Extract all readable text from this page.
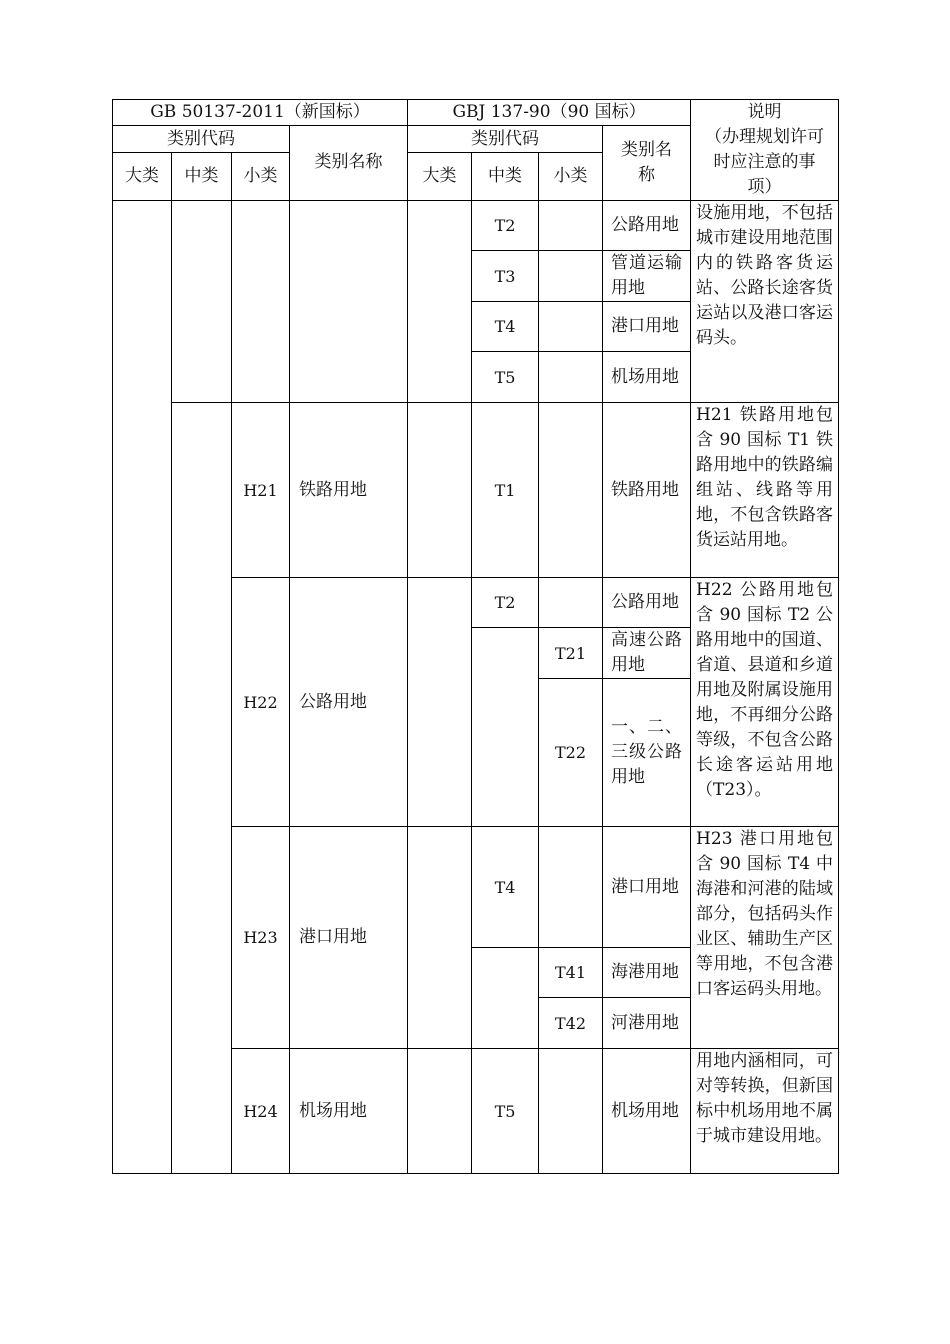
GB 50137-2011（新国标）				GBJ 137-90（90 国标）				说明
（办理规划许可时应注意的事项）

类别代码			类别名称	类别代码			类别名称	
大类	中类	小类		大类	中类	小类		
					T2		公路用地	设施用地，不包括城市建设用地范围内的铁路客货运站、公路长途客货运站以及港口客运码头。
					T3		管道运输用地	
					T4		港口用地	
					T5		机场用地	
		H21	铁路用地		T1		铁路用地	H21 铁路用地包含 90 国标 T1 铁路用地中的铁路编组站、线路等用地，不包含铁路客货运站用地。
		H22	公路用地		T2		公路用地	H22 公路用地包含 90 国标 T2 公路用地中的国道、省道、县道和乡道用地及附属设施用地，不再细分公路等级，不包含公路长途客运站用地（T23）。
						T21	高速公路用地	
						T22	一、二、三级公路用地	
		H23	港口用地		T4		港口用地	H23 港口用地包含 90 国标 T4 中海港和河港的陆域部分，包括码头作业区、辅助生产区等用地，不包含港口客运码头用地。
						T41	海港用地	
						T42	河港用地	
		H24	机场用地		T5		机场用地	用地内涵相同，可对等转换，但新国标中机场用地不属于城市建设用地。
